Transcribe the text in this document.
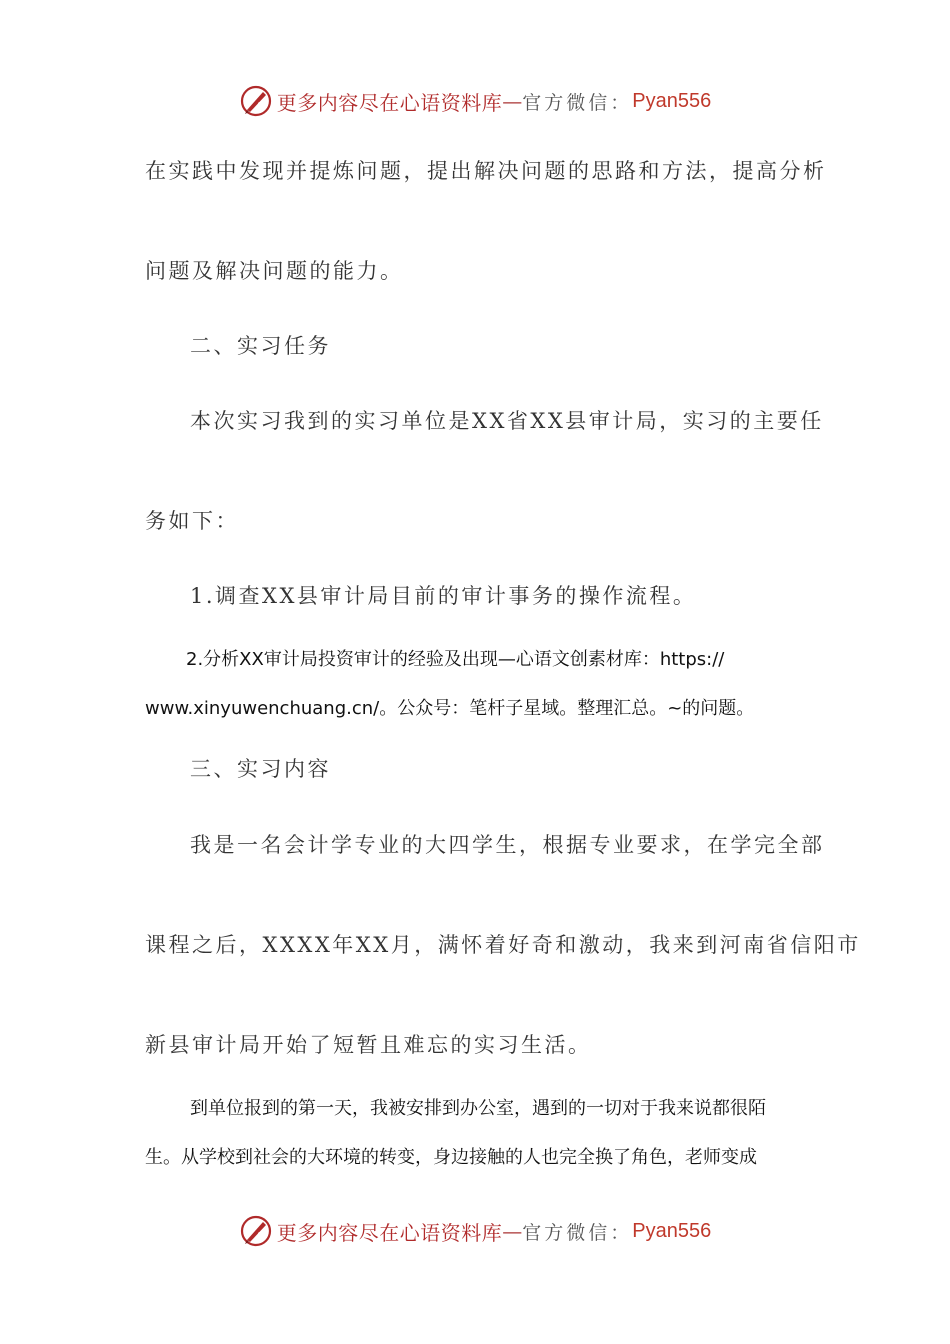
更多内容尽在心语资料库 — 官方微信： Pyan556
在实践中发现并提炼问题，提出解决问题的思路和方法，提高分析
问题及解决问题的能力。
二、实习任务
本次实习我到的实习单位是XX省XX县审计局，实习的主要任
务如下：
1.调查XX县审计局目前的审计事务的操作流程。
2.分析XX审计局投资审计的经验及出现—心语文创素材库：https://
www.xinyuwenchuang.cn/。公众号：笔杆子星域。整理汇总。~的问题。
三、实习内容
我是一名会计学专业的大四学生，根据专业要求，在学完全部
课程之后，XXXX年XX月，满怀着好奇和激动，我来到河南省信阳市
新县审计局开始了短暂且难忘的实习生活。
到单位报到的第一天，我被安排到办公室，遇到的一切对于我来说都很陌
生。从学校到社会的大环境的转变，身边接触的人也完全换了角色，老师变成
更多内容尽在心语资料库 — 官方微信： Pyan556
